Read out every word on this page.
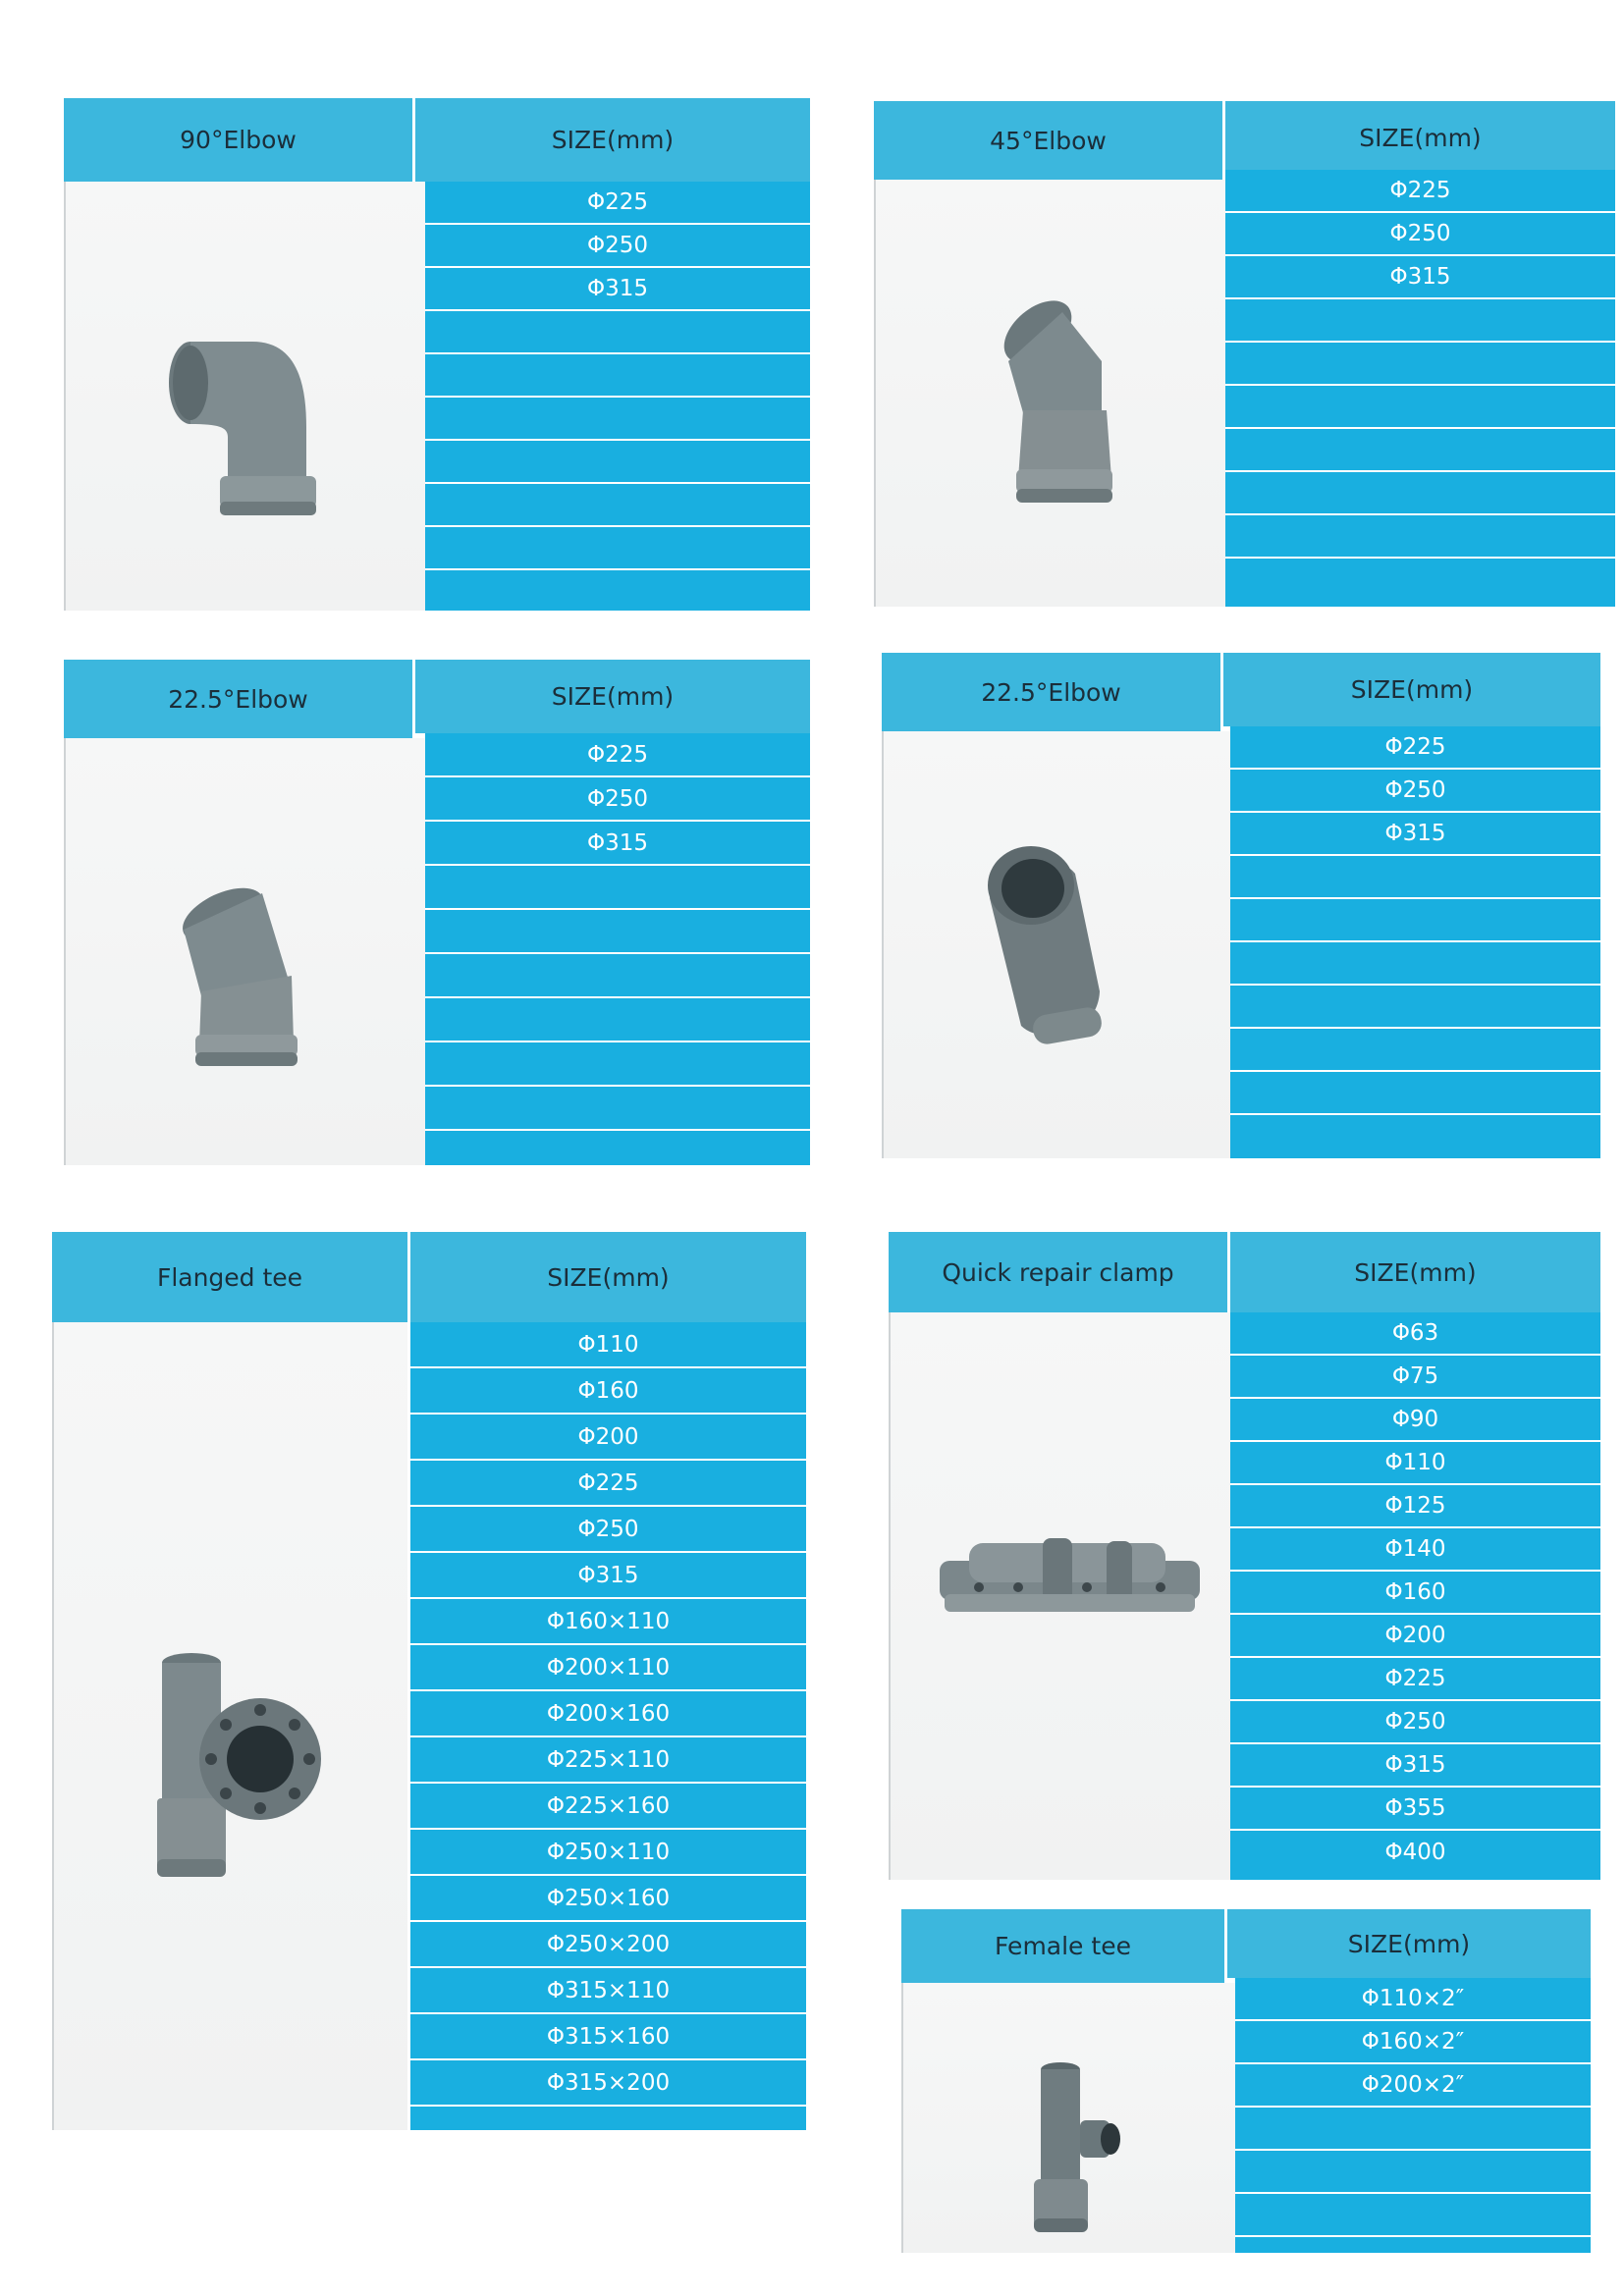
90°Elbow	SIZE(mm)
Φ225
Φ250
Φ315
45°Elbow	SIZE(mm)
Φ225
Φ250
Φ315
22.5°Elbow	SIZE(mm)
Φ225
Φ250
Φ315
22.5°Elbow	SIZE(mm)
Φ225
Φ250
Φ315
Flanged tee	SIZE(mm)
Φ110
Φ160
Φ200
Φ225
Φ250
Φ315
Φ160×110
Φ200×110
Φ200×160
Φ225×110
Φ225×160
Φ250×110
Φ250×160
Φ250×200
Φ315×110
Φ315×160
Φ315×200
Quick repair clamp	SIZE(mm)
Φ63
Φ75
Φ90
Φ110
Φ125
Φ140
Φ160
Φ200
Φ225
Φ250
Φ315
Φ355
Φ400
Female tee	SIZE(mm)
Φ110×2″
Φ160×2″
Φ200×2″
